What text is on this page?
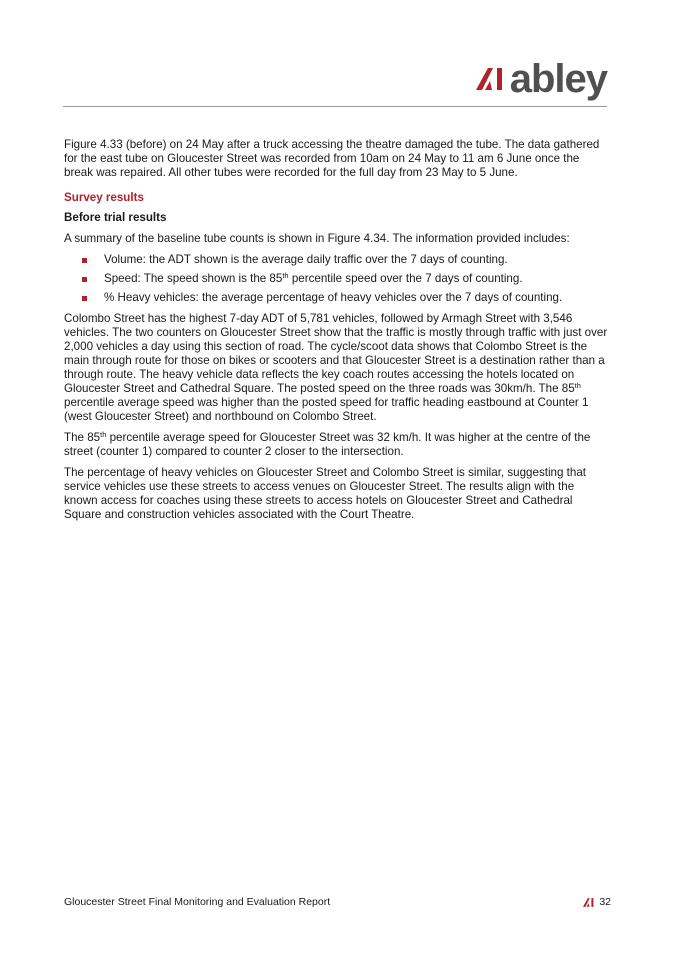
abley

Figure 4.33 (before) on 24 May after a truck accessing the theatre damaged the tube. The data gathered for the east tube on Gloucester Street was recorded from 10am on 24 May to 11 am 6 June once the break was repaired. All other tubes were recorded for the full day from 23 May to 5 June.

Survey results
Before trial results

A summary of the baseline tube counts is shown in Figure 4.34. The information provided includes:

Volume: the ADT shown is the average daily traffic over the 7 days of counting.
Speed: The speed shown is the 85th percentile speed over the 7 days of counting.
% Heavy vehicles: the average percentage of heavy vehicles over the 7 days of counting.

Colombo Street has the highest 7-day ADT of 5,781 vehicles, followed by Armagh Street with 3,546 vehicles. The two counters on Gloucester Street show that the traffic is mostly through traffic with just over 2,000 vehicles a day using this section of road. The cycle/scoot data shows that Colombo Street is the main through route for those on bikes or scooters and that Gloucester Street is a destination rather than a through route. The heavy vehicle data reflects the key coach routes accessing the hotels located on Gloucester Street and Cathedral Square. The posted speed on the three roads was 30km/h. The 85th percentile average speed was higher than the posted speed for traffic heading eastbound at Counter 1 (west Gloucester Street) and northbound on Colombo Street.

The 85th percentile average speed for Gloucester Street was 32 km/h. It was higher at the centre of the street (counter 1) compared to counter 2 closer to the intersection.

The percentage of heavy vehicles on Gloucester Street and Colombo Street is similar, suggesting that service vehicles use these streets to access venues on Gloucester Street. The results align with the known access for coaches using these streets to access hotels on Gloucester Street and Cathedral Square and construction vehicles associated with the Court Theatre.

Gloucester Street Final Monitoring and Evaluation Report	32
